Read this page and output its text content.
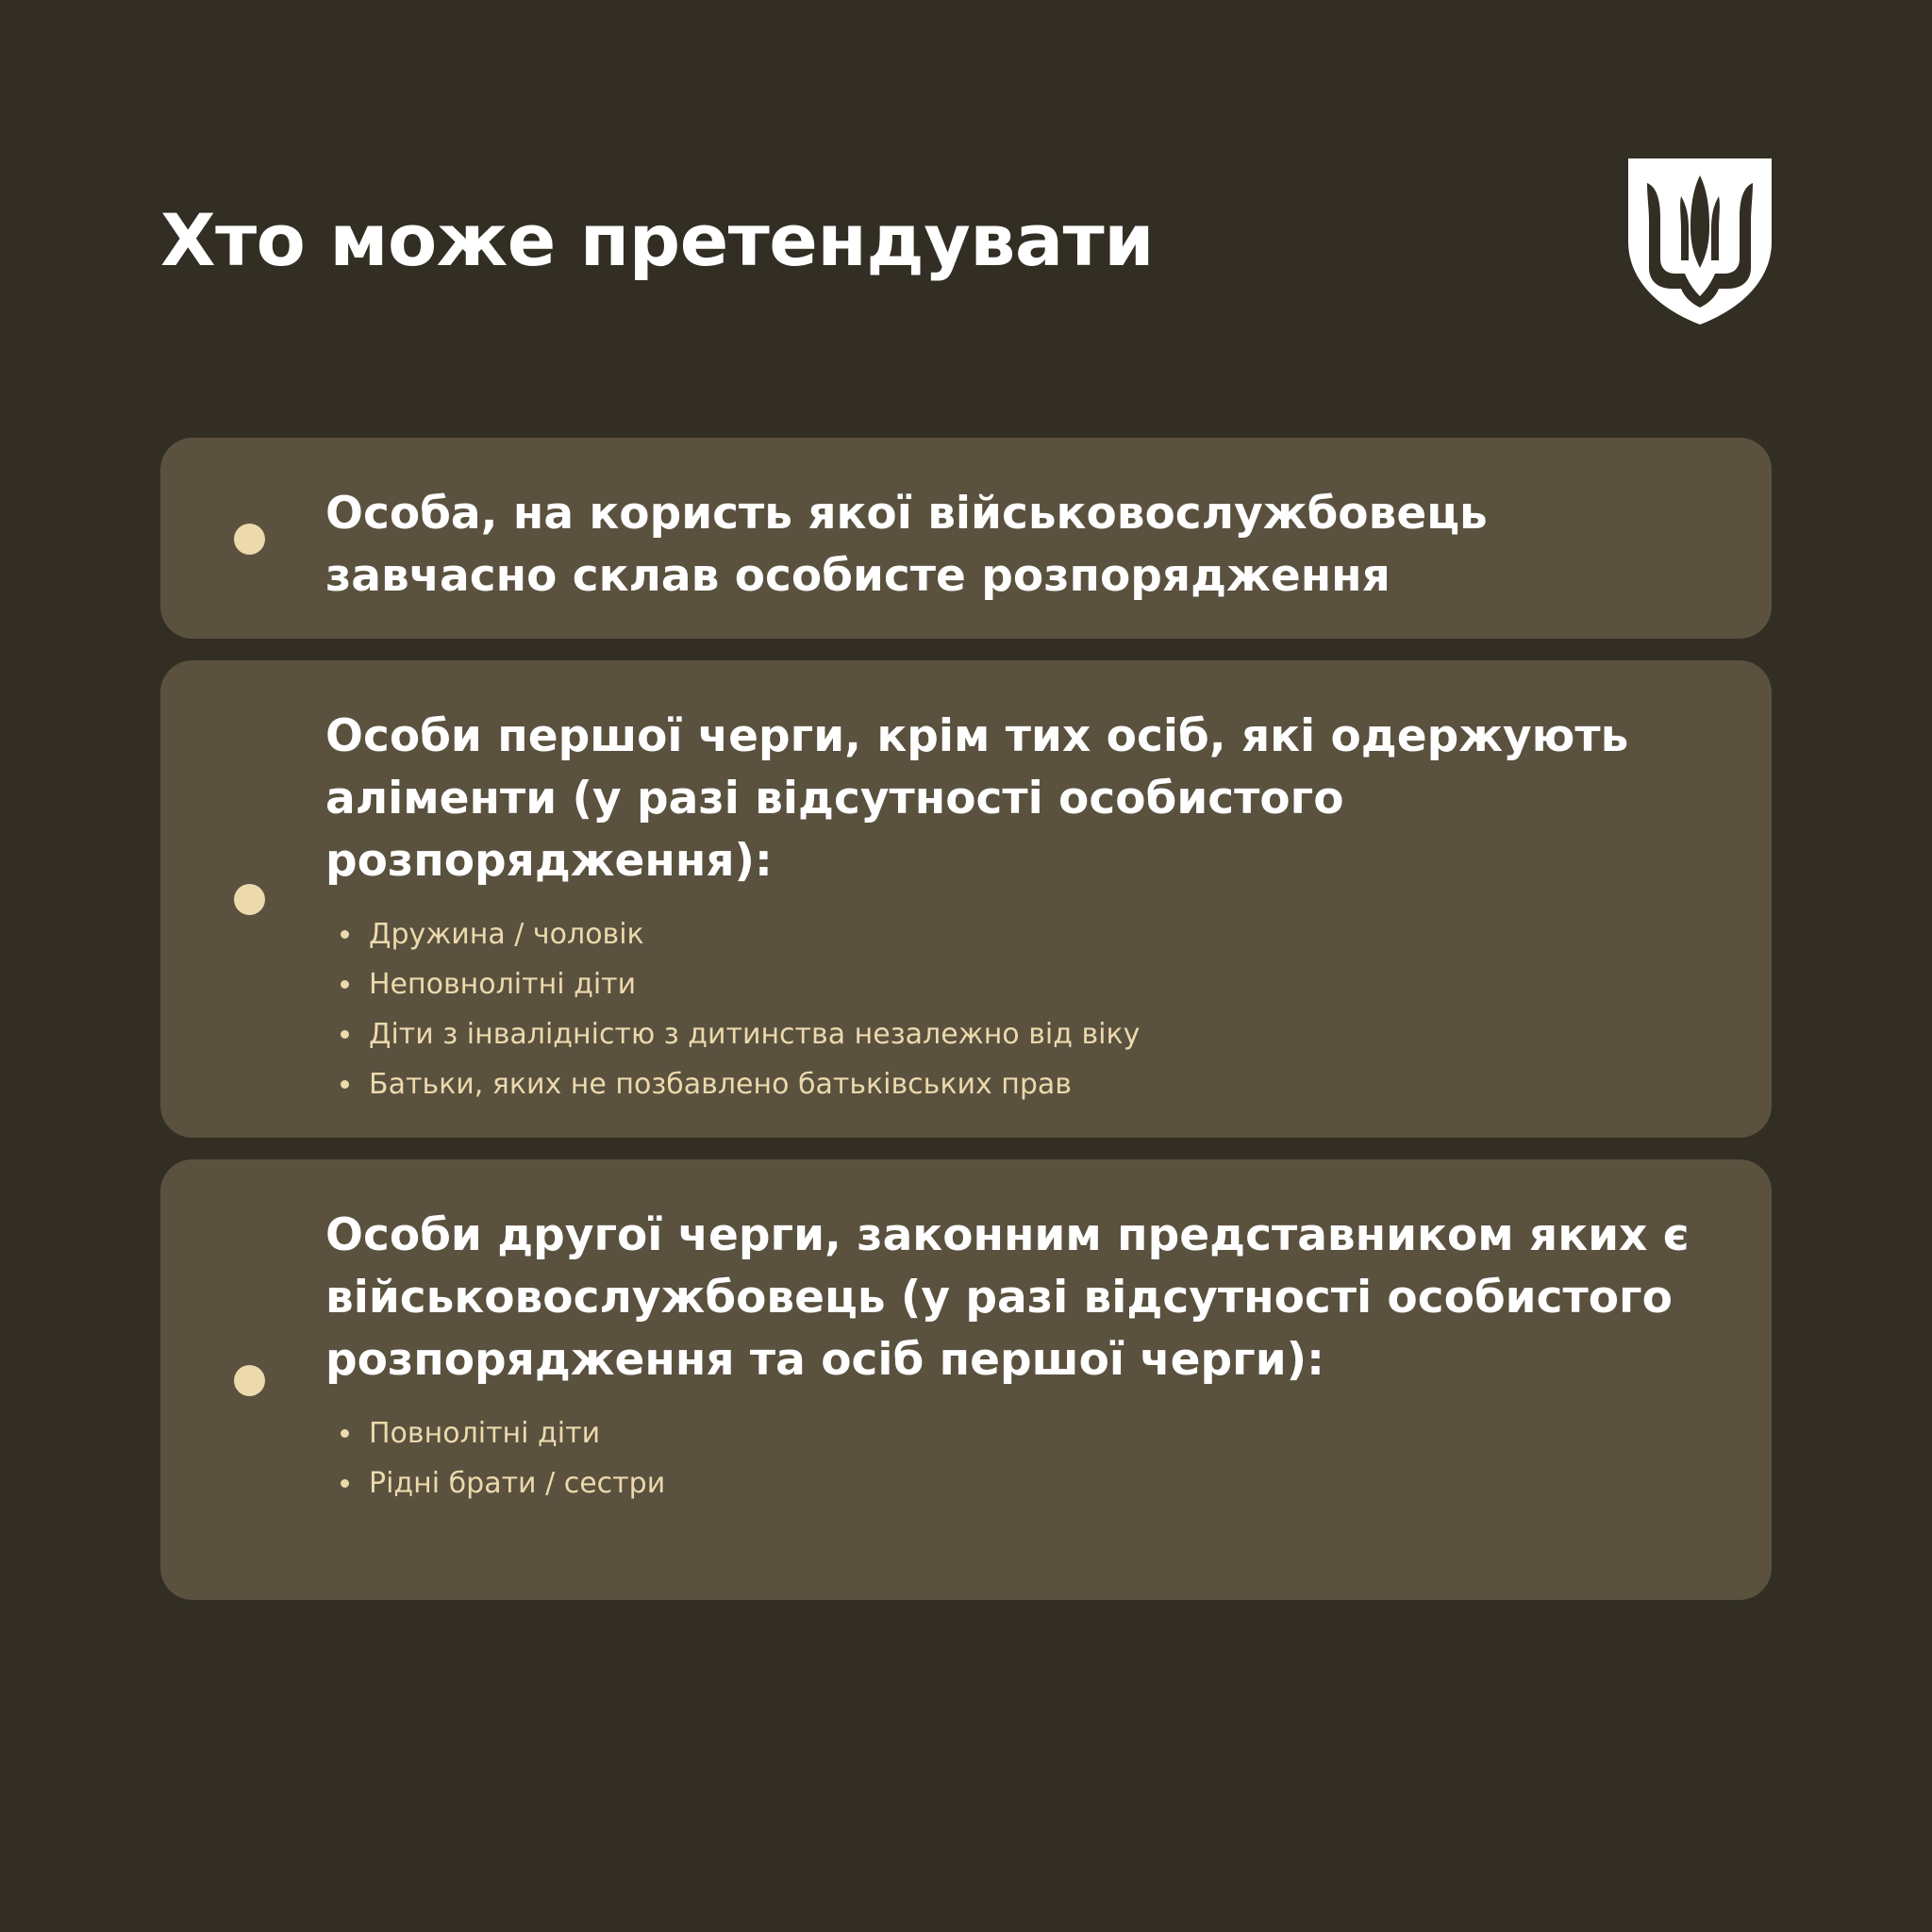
Хто може претендувати
Особа, на користь якої військовослужбовець завчасно склав особисте розпорядження
Особи першої черги, крім тих осіб, які одержують аліменти (у разі відсутності особистого розпорядження):
Дружина / чоловік
Неповнолітні діти
Діти з інвалідністю з дитинства незалежно від віку
Батьки, яких не позбавлено батьківських прав
Особи другої черги, законним представником яких є військовослужбовець (у разі відсутності особистого розпорядження та осіб першої черги):
Повнолітні діти
Рідні брати / сестри
